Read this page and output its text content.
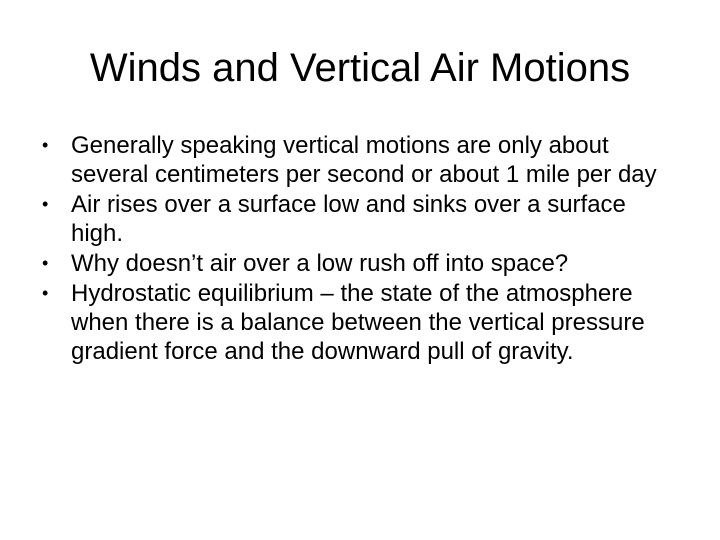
Winds and Vertical Air Motions
• Generally speaking vertical motions are only about several centimeters per second or about 1 mile per day
• Air rises over a surface low and sinks over a surface high.
• Why doesn’t air over a low rush off into space?
• Hydrostatic equilibrium – the state of the atmosphere when there is a balance between the vertical pressure gradient force and the downward pull of gravity.
